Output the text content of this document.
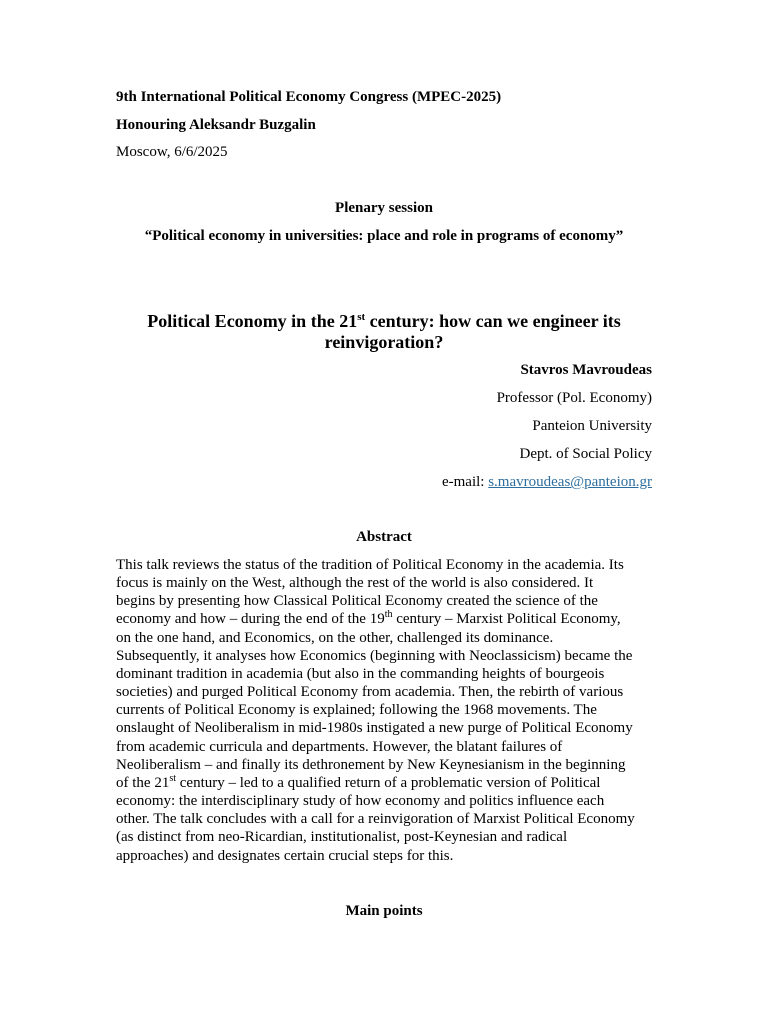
9th International Political Economy Congress (MPEC-2025)
Honouring Aleksandr Buzgalin
Moscow, 6/6/2025
Plenary session
“Political economy in universities: place and role in programs of economy”
Political Economy in the 21st century: how can we engineer its
reinvigoration?
Stavros Mavroudeas
Professor (Pol. Economy)
Panteion University
Dept. of Social Policy
e-mail: s.mavroudeas@panteion.gr
Abstract
This talk reviews the status of the tradition of Political Economy in the academia. Its
focus is mainly on the West, although the rest of the world is also considered. It
begins by presenting how Classical Political Economy created the science of the
economy and how – during the end of the 19th century – Marxist Political Economy,
on the one hand, and Economics, on the other, challenged its dominance.
Subsequently, it analyses how Economics (beginning with Neoclassicism) became the
dominant tradition in academia (but also in the commanding heights of bourgeois
societies) and purged Political Economy from academia. Then, the rebirth of various
currents of Political Economy is explained; following the 1968 movements. The
onslaught of Neoliberalism in mid-1980s instigated a new purge of Political Economy
from academic curricula and departments. However, the blatant failures of
Neoliberalism – and finally its dethronement by New Keynesianism in the beginning
of the 21st century – led to a qualified return of a problematic version of Political
economy: the interdisciplinary study of how economy and politics influence each
other. The talk concludes with a call for a reinvigoration of Marxist Political Economy
(as distinct from neo-Ricardian, institutionalist, post-Keynesian and radical
approaches) and designates certain crucial steps for this.
Main points
